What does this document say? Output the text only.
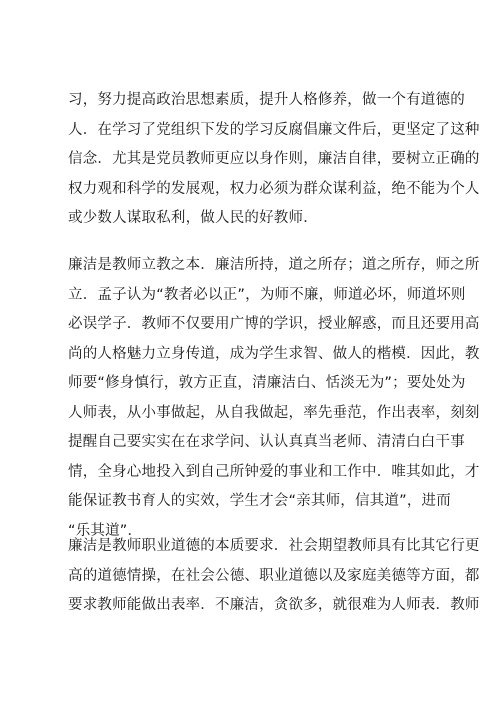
习，努力提高政治思想素质，提升人格修养，做一个有道德的
人．在学习了党组织下发的学习反腐倡廉文件后，更坚定了这种
信念．尤其是党员教师更应以身作则，廉洁自律，要树立正确的
权力观和科学的发展观，权力必须为群众谋利益，绝不能为个人
或少数人谋取私利，做人民的好教师．
廉洁是教师立教之本．廉洁所持，道之所存；道之所存，师之所
立．孟子认为“教者必以正”，为师不廉，师道必坏，师道坏则
必误学子．教师不仅要用广博的学识，授业解惑，而且还要用高
尚的人格魅力立身传道，成为学生求智、做人的楷模．因此，教
师要“修身慎行，敦方正直，清廉洁白、恬淡无为”；要处处为
人师表，从小事做起，从自我做起，率先垂范，作出表率，刻刻
提醒自己要实实在在求学问、认认真真当老师、清清白白干事
情，全身心地投入到自己所钟爱的事业和工作中．唯其如此，才
能保证教书育人的实效，学生才会“亲其师，信其道”，进而
“乐其道”．
廉洁是教师职业道德的本质要求．社会期望教师具有比其它行更
高的道德情操，在社会公德、职业道德以及家庭美德等方面，都
要求教师能做出表率．不廉洁，贪欲多，就很难为人师表．教师
